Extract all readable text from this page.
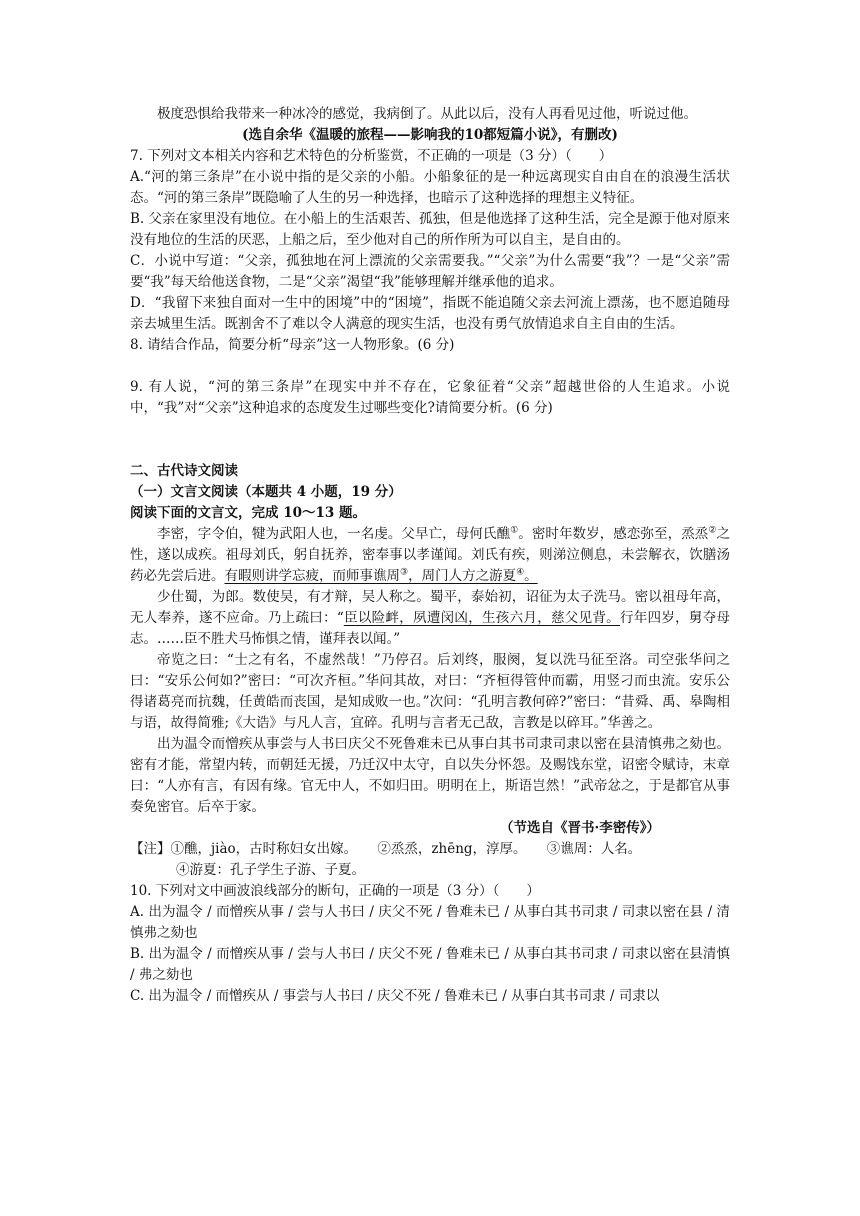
极度恐惧给我带来一种冰冷的感觉，我病倒了。从此以后，没有人再看见过他，听说过他。

(选自余华《温暖的旅程——影响我的10都短篇小说》，有删改)

7. 下列对文本相关内容和艺术特色的分析鉴赏，不正确的一项是（3 分）（　　）

A.“河的第三条岸”在小说中指的是父亲的小船。小船象征的是一种远离现实自由自在的浪漫生活状态。“河的第三条岸”既隐喻了人生的另一种选择，也暗示了这种选择的理想主义特征。

B. 父亲在家里没有地位。在小船上的生活艰苦、孤独，但是他选择了这种生活，完全是源于他对原来没有地位的生活的厌恶，上船之后，至少他对自己的所作所为可以自主，是自由的。

C．小说中写道：“父亲，孤独地在河上漂流的父亲需要我。”“父亲”为什么需要“我”？一是“父亲”需要“我”每天给他送食物，二是“父亲”渴望“我”能够理解并继承他的追求。

D．“我留下来独自面对一生中的困境”中的“困境”，指既不能追随父亲去河流上漂荡，也不愿追随母亲去城里生活。既割舍不了难以令人满意的现实生活，也没有勇气放情追求自主自由的生活。

8. 请结合作品，简要分析“母亲”这一人物形象。(6 分)

9. 有人说，“河的第三条岸”在现实中并不存在，它象征着“父亲”超越世俗的人生追求。小说中，“我”对“父亲”这种追求的态度发生过哪些变化?请简要分析。(6 分)

二、古代诗文阅读

（一）文言文阅读（本题共 4 小题，19 分）

阅读下面的文言文，完成 10～13 题。

李密，字令伯，犍为武阳人也，一名虔。父早亡，母何氏醮①。密时年数岁，感恋弥至，烝烝②之性，遂以成疾。祖母刘氏，躬自抚养，密奉事以孝谨闻。刘氏有疾，则涕泣侧息，未尝解衣，饮膳汤药必先尝后进。有暇则讲学忘疲，而师事谯周③，周门人方之游夏④。

少仕蜀，为郎。数使吴，有才辩，吴人称之。蜀平，泰始初，诏征为太子洗马。密以祖母年高，无人奉养，遂不应命。乃上疏曰：“臣以险衅，夙遭闵凶，生孩六月，慈父见背。行年四岁，舅夺母志。……臣不胜犬马怖惧之情，谨拜表以闻。”

帝览之曰：“士之有名，不虚然哉！”乃停召。后刘终，服阕，复以洗马征至洛。司空张华问之曰：“安乐公何如?”密曰：“可次齐桓。”华问其故，对曰：“齐桓得管仲而霸，用竖刁而虫流。安乐公得诸葛亮而抗魏，任黄皓而丧国，是知成败一也。”次问：“孔明言教何碎?”密曰：“昔舜、禹、皋陶相与语，故得简雅;《大诰》与凡人言，宜碎。孔明与言者无己敌，言教是以碎耳。”华善之。

出为温令而憎疾从事尝与人书曰庆父不死鲁难未已从事白其书司隶司隶以密在县清慎弗之劾也。密有才能，常望内转，而朝廷无援，乃迁汉中太守，自以失分怀怨。及赐饯东堂，诏密令赋诗，末章曰：“人亦有言，有因有缘。官无中人，不如归田。明明在上，斯语岂然！”武帝忿之，于是都官从事奏免密官。后卒于家。

（节选自《晋书·李密传》）

【注】①醮，jiào，古时称妇女出嫁。　　②烝烝，zhēng，淳厚。　　③谯周：人名。

④游夏：孔子学生子游、子夏。

10. 下列对文中画波浪线部分的断句，正确的一项是（3 分）（　　）

A. 出为温令 / 而憎疾从事 / 尝与人书曰 / 庆父不死 / 鲁难未已 / 从事白其书司隶 / 司隶以密在县 / 清慎弗之劾也

B. 出为温令 / 而憎疾从事 / 尝与人书曰 / 庆父不死 / 鲁难未已 / 从事白其书司隶 / 司隶以密在县清慎 / 弗之劾也

C. 出为温令 / 而憎疾从 / 事尝与人书曰 / 庆父不死 / 鲁难未已 / 从事白其书司隶 / 司隶以
